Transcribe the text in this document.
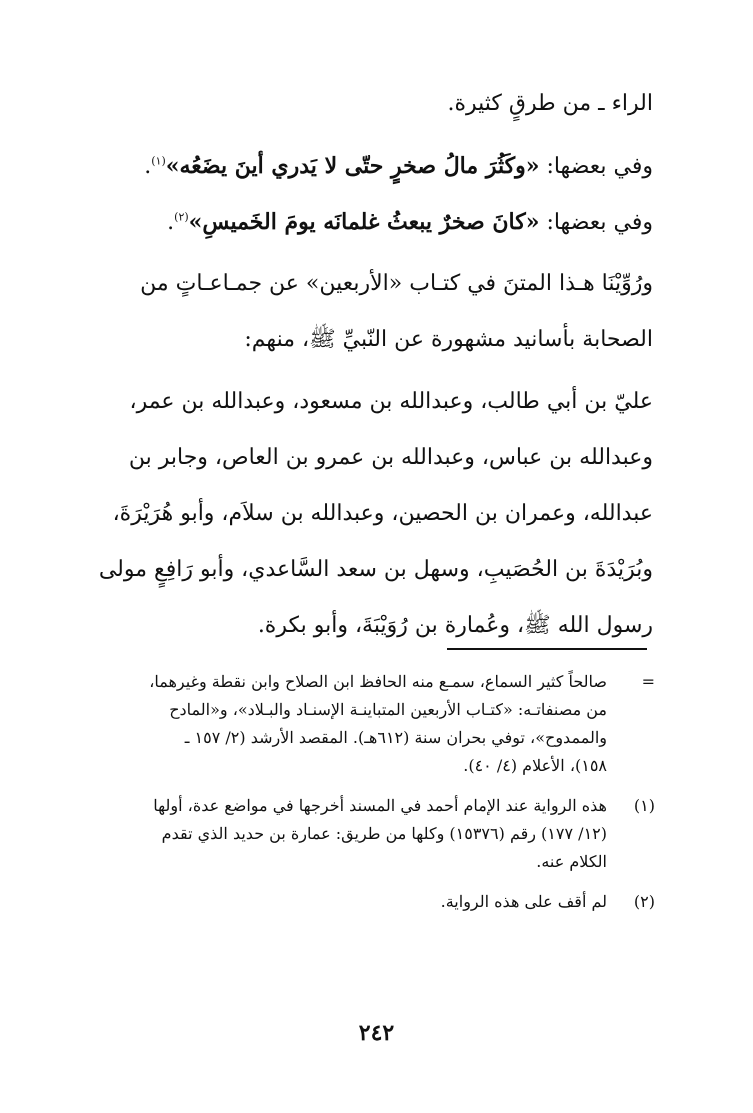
الراء ـ من طرقٍ كثيرة.
وفي بعضها: «وكَثُرَ مالُ صخرٍ حتّى لا يَدري أينَ يضَعُه»$^{(١)}$.
وفي بعضها: «كانَ صخرٌ يبعثُ غلمانَه يومَ الخَميسِ»$^{(٢)}$.
ورُوِّيْنَا هـذا المتنَ في كتـاب «الأربعين» عن جمـاعـاتٍ من
الصحابة بأسانيد مشهورة عن النّبيِّ ﷺ، منهم:
عليّ بن أبي طالب، وعبدالله بن مسعود، وعبدالله بن عمر،
وعبدالله بن عباس، وعبدالله بن عمرو بن العاص، وجابر بن
عبدالله، وعمران بن الحصين، وعبدالله بن سلاَم، وأبو هُرَيْرَةَ،
وبُرَيْدَةَ بن الحُصَيبِ، وسهل بن سعد السَّاعدي، وأبو رَافِعٍ مولى
رسول الله ﷺ، وعُمارة بن رُوَيْبَةَ، وأبو بكرة.
=
صالحاً كثير السماع، سمـع منه الحافظ ابن الصلاح وابن نقطة وغيرهما،
من مصنفاتـه: «كتـاب الأربعين المتباينـة الإسنـاد والبـلاد»، و«المادح
والممدوح»، توفي بحران سنة (٦١٢هـ). المقصد الأرشد (٢/ ١٥٧ ـ
١٥٨)، الأعلام (٤/ ٤٠).
(١)
هذه الرواية عند الإمام أحمد في المسند أخرجها في مواضع عدة، أولها
(١٢/ ١٧٧) رقم (١٥٣٧٦) وكلها من طريق: عمارة بن حديد الذي تقدم
الكلام عنه.
(٢)
لم أقف على هذه الرواية.
٢٤٢
